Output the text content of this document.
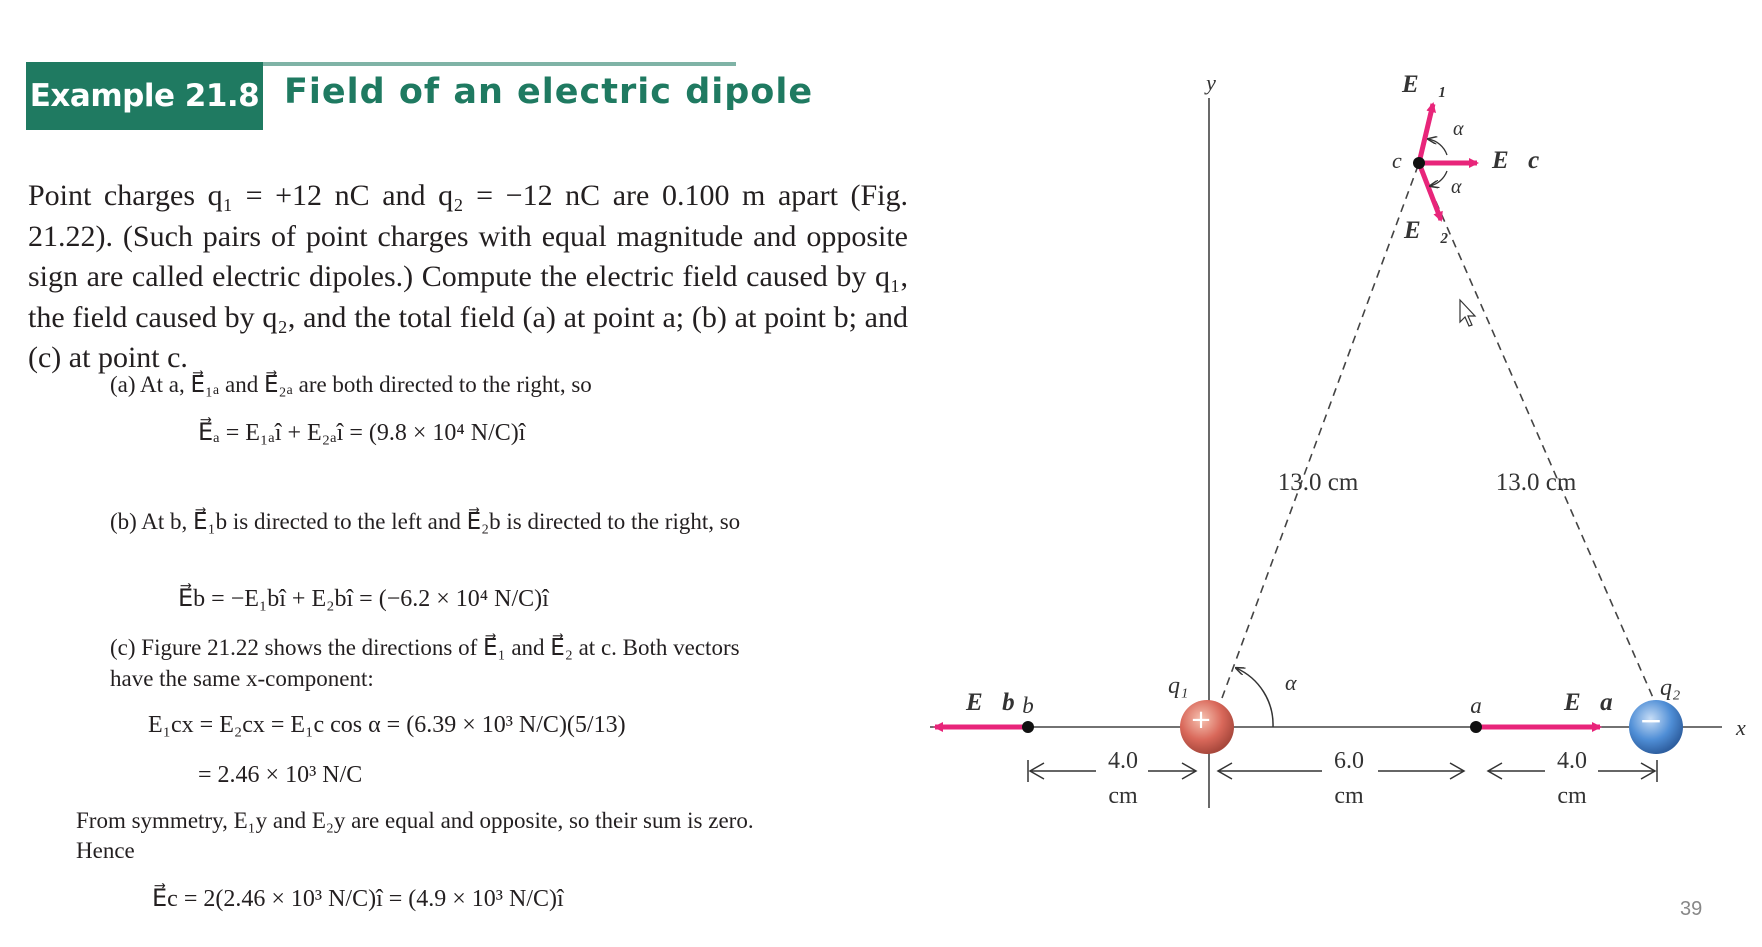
Example 21.8 Field of an electric dipole
Point charges q₁ = +12 nC and q₂ = −12 nC are 0.100 m apart (Fig. 21.22). (Such pairs of point charges with equal magnitude and opposite sign are called electric dipoles.) Compute the electric field caused by q₁, the field caused by q₂, and the total field (a) at point a; (b) at point b; and (c) at point c.
(a) At a, E⃗₁ₐ and E⃗₂ₐ are both directed to the right, so
E⃗ₐ = E₁ₐî + E₂ₐî = (9.8 × 10⁴ N/C)î
(b) At b, E⃗₁b is directed to the left and E⃗₂b is directed to the right, so
E⃗b = −E₁bî + E₂bî = (−6.2 × 10⁴ N/C)î
(c) Figure 21.22 shows the directions of E⃗₁ and E⃗₂ at c. Both vectors have the same x-component:
E₁cx = E₂cx = E₁c cos α = (6.39 × 10³ N/C)(5/13)
= 2.46 × 10³ N/C
From symmetry, E₁y and E₂y are equal and opposite, so their sum is zero. Hence
E⃗c = 2(2.46 × 10³ N/C)î = (4.9 × 10³ N/C)î
y
x
13.0 cm	13.0 cm
α
α
α
c
a
b
E⃗₁
E⃗₂
E⃗c
E⃗a
E⃗b
+	−
q₁	q₂
4.0
cm
6.0
cm
4.0
cm
39
